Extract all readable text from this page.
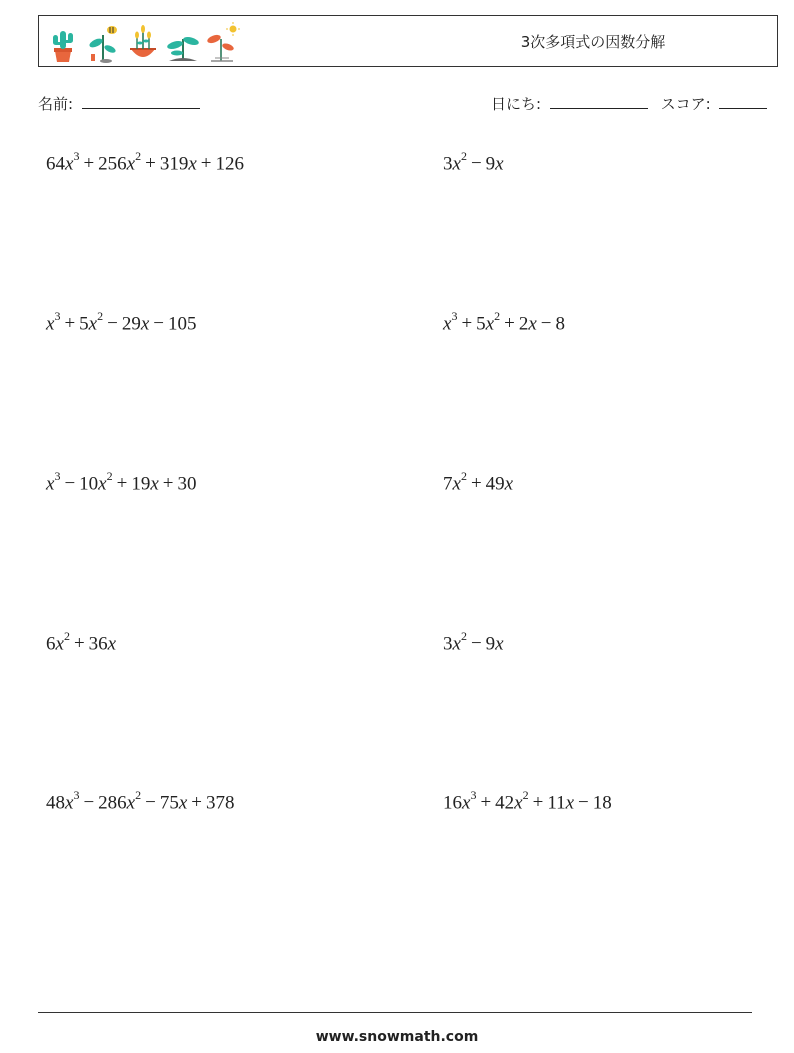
3次多項式の因数分解
名前:	日にち:	スコア:
$64x^3 + 256x^2 + 319x + 126$	$3x^2 - 9x$
$x^3 + 5x^2 - 29x - 105$	$x^3 + 5x^2 + 2x - 8$
$x^3 - 10x^2 + 19x + 30$	$7x^2 + 49x$
$6x^2 + 36x$	$3x^2 - 9x$
$48x^3 - 286x^2 - 75x + 378$	$16x^3 + 42x^2 + 11x - 18$
www.snowmath.com
